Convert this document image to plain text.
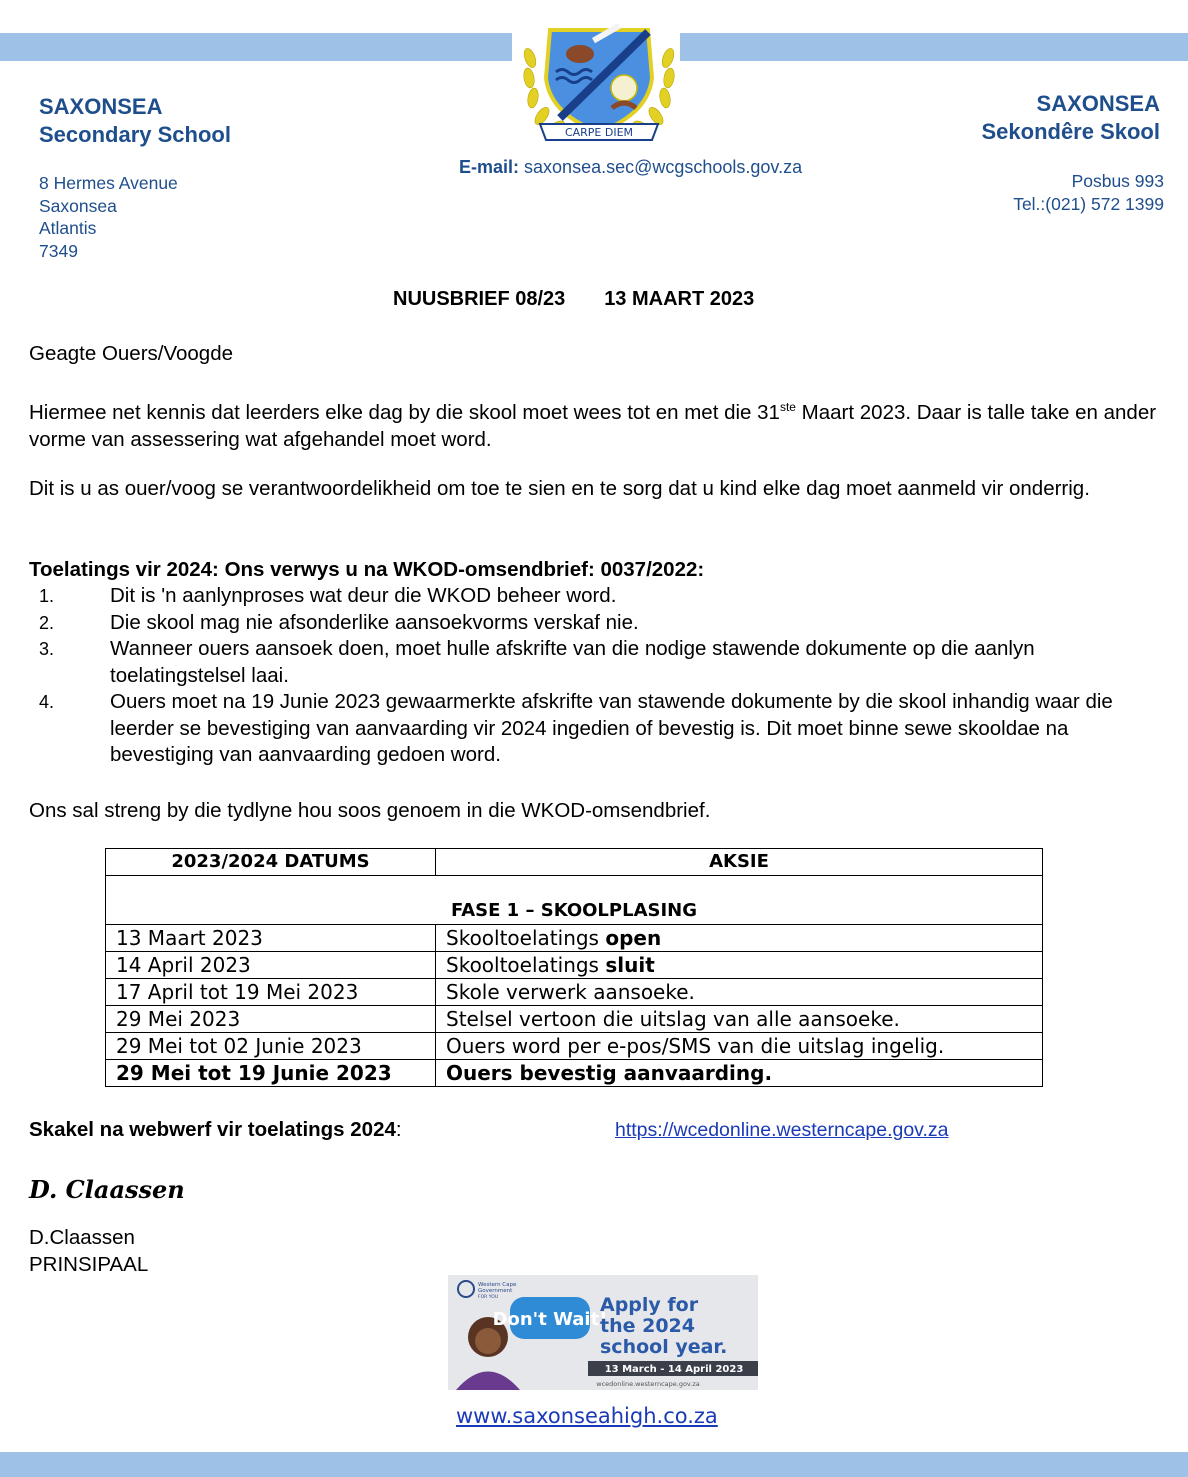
CARPE DIEM
SAXONSEA
Secondary School
SAXONSEA
Sekondêre Skool
E-mail: saxonsea.sec@wcgschools.gov.za
8 Hermes Avenue
Saxonsea
Atlantis
7349
Posbus 993
Tel.:(021) 572 1399
NUUSBRIEF 08/23 13 MAART 2023
Geagte Ouers/Voogde
Hiermee net kennis dat leerders elke dag by die skool moet wees tot en met die 31ste Maart 2023. Daar is talle take en ander vorme van assessering wat afgehandel moet word.
Dit is u as ouer/voog se verantwoordelikheid om toe te sien en te sorg dat u kind elke dag moet aanmeld vir onderrig.
Toelatings vir 2024: Ons verwys u na WKOD-omsendbrief: 0037/2022:
1.	Dit is 'n aanlynproses wat deur die WKOD beheer word.
2.	Die skool mag nie afsonderlike aansoekvorms verskaf nie.
3.	Wanneer ouers aansoek doen, moet hulle afskrifte van die nodige stawende dokumente op die aanlyn toelatingstelsel laai.
4.	Ouers moet na 19 Junie 2023 gewaarmerkte afskrifte van stawende dokumente by die skool inhandig waar die leerder se bevestiging van aanvaarding vir 2024 ingedien of bevestig is. Dit moet binne sewe skooldae na bevestiging van aanvaarding gedoen word.
Ons sal streng by die tydlyne hou soos genoem in die WKOD-omsendbrief.
2023/2024 DATUMS	AKSIE
FASE 1 – SKOOLPLASING	
13 Maart 2023	Skooltoelatings open
14 April 2023	Skooltoelatings sluit
17 April tot 19 Mei 2023	Skole verwerk aansoeke.
29 Mei 2023	Stelsel vertoon die uitslag van alle aansoeke.
29 Mei tot 02 Junie 2023	Ouers word per e-pos/SMS van die uitslag ingelig.
29 Mei tot 19 Junie 2023	Ouers bevestig aanvaarding.
Skakel na webwerf vir toelatings 2024:	https://wcedonline.westerncape.gov.za
D. Claassen
D.Claassen
PRINSIPAAL
Western Cape
Government
FOR YOU
Don't Wait!
Apply for
the 2024
school year.
13 March - 14 April 2023
wcedonline.westerncape.gov.za
www.saxonseahigh.co.za
